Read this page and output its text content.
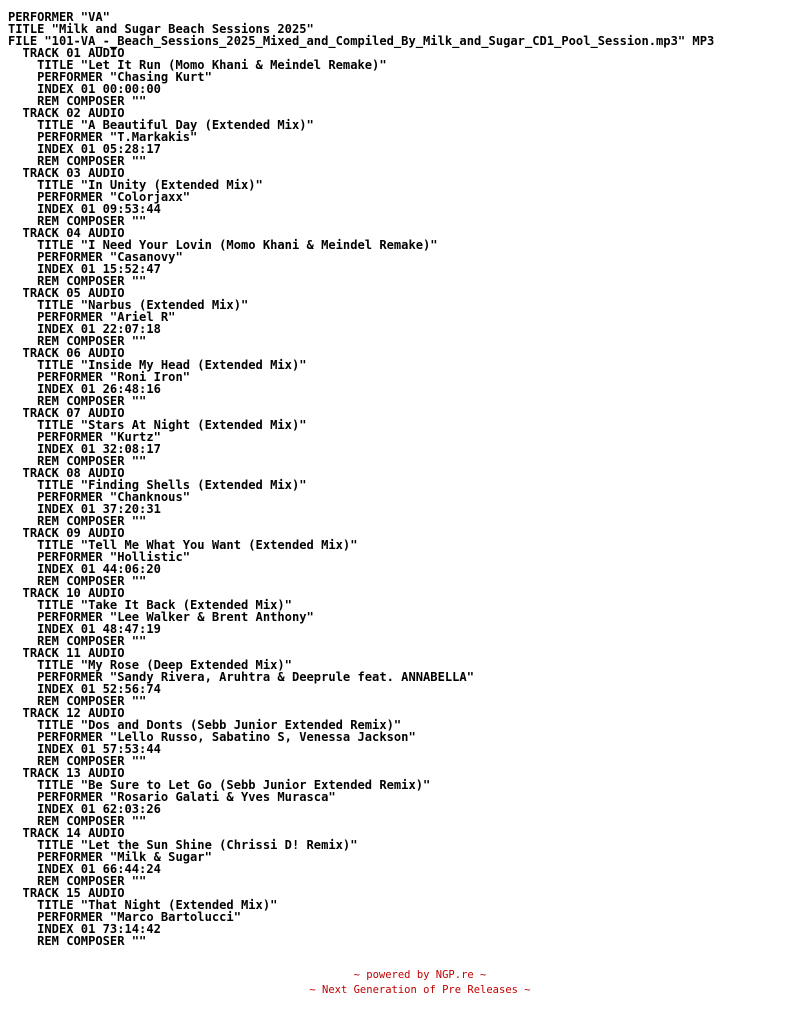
PERFORMER "VA"
TITLE "Milk and Sugar Beach Sessions 2025"
FILE "101-VA_-_Beach_Sessions_2025_Mixed_and_Compiled_By_Milk_and_Sugar_CD1_Pool_Session.mp3" MP3
TRACK 01 AUDIO
TITLE "Let It Run (Momo Khani & Meindel Remake)"
PERFORMER "Chasing Kurt"
INDEX 01 00:00:00
REM COMPOSER ""
TRACK 02 AUDIO
TITLE "A Beautiful Day (Extended Mix)"
PERFORMER "T.Markakis"
INDEX 01 05:28:17
REM COMPOSER ""
TRACK 03 AUDIO
TITLE "In Unity (Extended Mix)"
PERFORMER "Colorjaxx"
INDEX 01 09:53:44
REM COMPOSER ""
TRACK 04 AUDIO
TITLE "I Need Your Lovin (Momo Khani & Meindel Remake)"
PERFORMER "Casanovy"
INDEX 01 15:52:47
REM COMPOSER ""
TRACK 05 AUDIO
TITLE "Narbus (Extended Mix)"
PERFORMER "Ariel R"
INDEX 01 22:07:18
REM COMPOSER ""
TRACK 06 AUDIO
TITLE "Inside My Head (Extended Mix)"
PERFORMER "Roni Iron"
INDEX 01 26:48:16
REM COMPOSER ""
TRACK 07 AUDIO
TITLE "Stars At Night (Extended Mix)"
PERFORMER "Kurtz"
INDEX 01 32:08:17
REM COMPOSER ""
TRACK 08 AUDIO
TITLE "Finding Shells (Extended Mix)"
PERFORMER "Chanknous"
INDEX 01 37:20:31
REM COMPOSER ""
TRACK 09 AUDIO
TITLE "Tell Me What You Want (Extended Mix)"
PERFORMER "Hollistic"
INDEX 01 44:06:20
REM COMPOSER ""
TRACK 10 AUDIO
TITLE "Take It Back (Extended Mix)"
PERFORMER "Lee Walker & Brent Anthony"
INDEX 01 48:47:19
REM COMPOSER ""
TRACK 11 AUDIO
TITLE "My Rose (Deep Extended Mix)"
PERFORMER "Sandy Rivera, Aruhtra & Deeprule feat. ANNABELLA"
INDEX 01 52:56:74
REM COMPOSER ""
TRACK 12 AUDIO
TITLE "Dos and Donts (Sebb Junior Extended Remix)"
PERFORMER "Lello Russo, Sabatino S, Venessa Jackson"
INDEX 01 57:53:44
REM COMPOSER ""
TRACK 13 AUDIO
TITLE "Be Sure to Let Go (Sebb Junior Extended Remix)"
PERFORMER "Rosario Galati & Yves Murasca"
INDEX 01 62:03:26
REM COMPOSER ""
TRACK 14 AUDIO
TITLE "Let the Sun Shine (Chrissi D! Remix)"
PERFORMER "Milk & Sugar"
INDEX 01 66:44:24
REM COMPOSER ""
TRACK 15 AUDIO
TITLE "That Night (Extended Mix)"
PERFORMER "Marco Bartolucci"
INDEX 01 73:14:42
REM COMPOSER ""
~ powered by NGP.re ~
~ Next Generation of Pre Releases ~
